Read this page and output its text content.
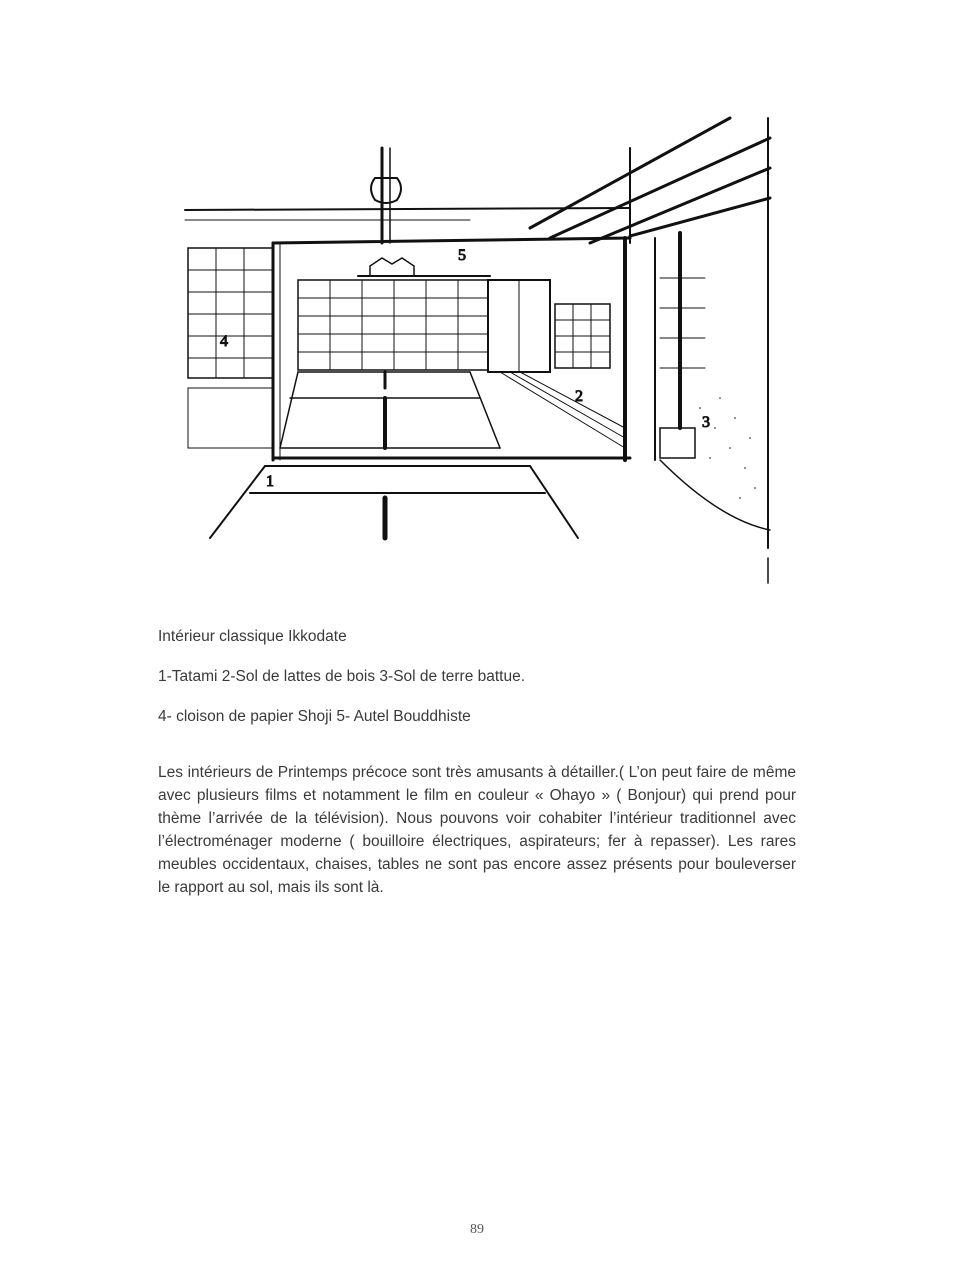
4
5
2
3
1
Intérieur classique Ikkodate
1-Tatami 2-Sol de lattes de bois 3-Sol de terre battue.
4- cloison de papier Shoji 5- Autel Bouddhiste

Les intérieurs de Printemps précoce sont très amusants à détailler.( L’on peut faire de même avec plusieurs films et notamment le film en couleur « Ohayo » ( Bonjour) qui prend pour thème l’arrivée de la télévision). Nous pouvons voir cohabiter l’intérieur traditionnel avec l’électroménager moderne ( bouilloire électriques, aspirateurs; fer à repasser). Les rares meubles occidentaux, chaises, tables ne sont pas encore assez présents pour bouleverser le rapport au sol, mais ils sont là.

89
